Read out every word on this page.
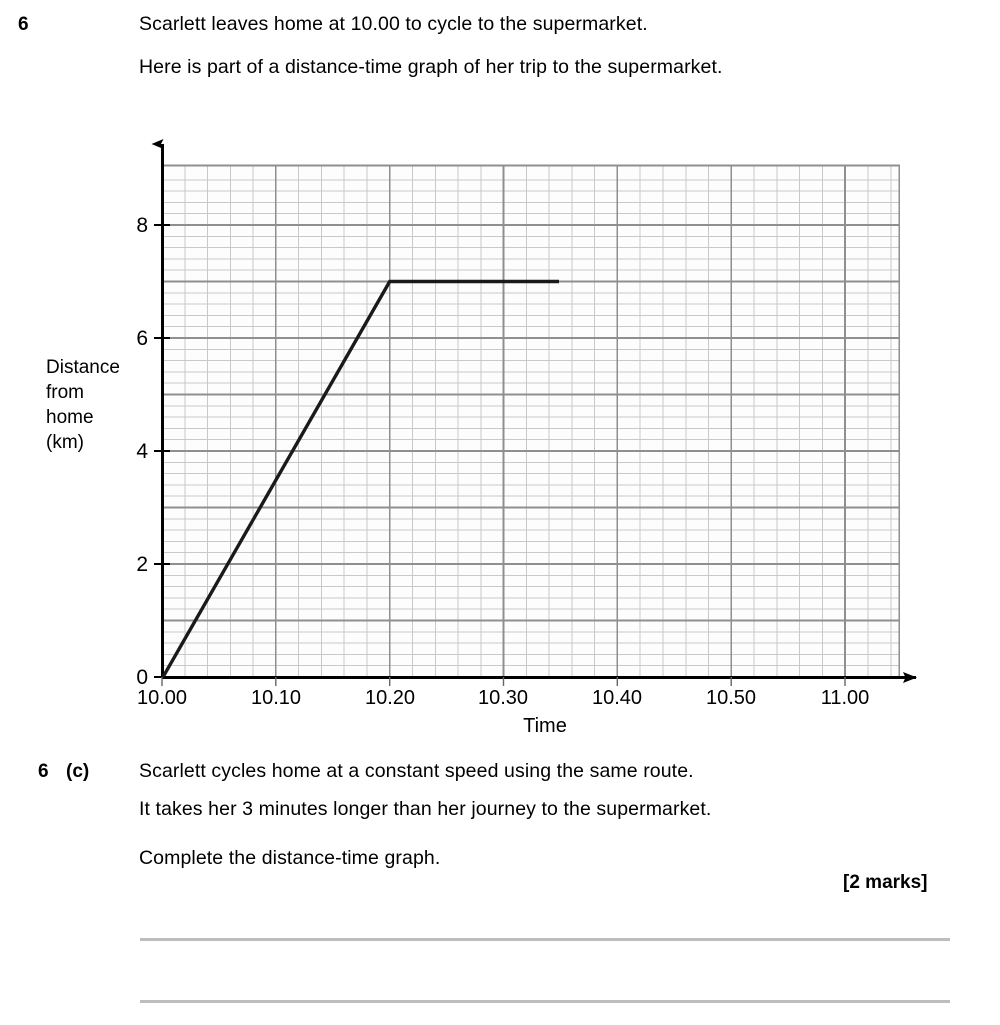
6	Scarlett leaves home at 10.00 to cycle to the supermarket.
Here is part of a distance-time graph of her trip to the supermarket.
Distance
from
home
(km)
0
2
4
6
8
10.00	10.10	10.20	10.30	10.40	10.50	11.00
Time
6 (c)	Scarlett cycles home at a constant speed using the same route.
It takes her 3 minutes longer than her journey to the supermarket.
Complete the distance-time graph.
[2 marks]
